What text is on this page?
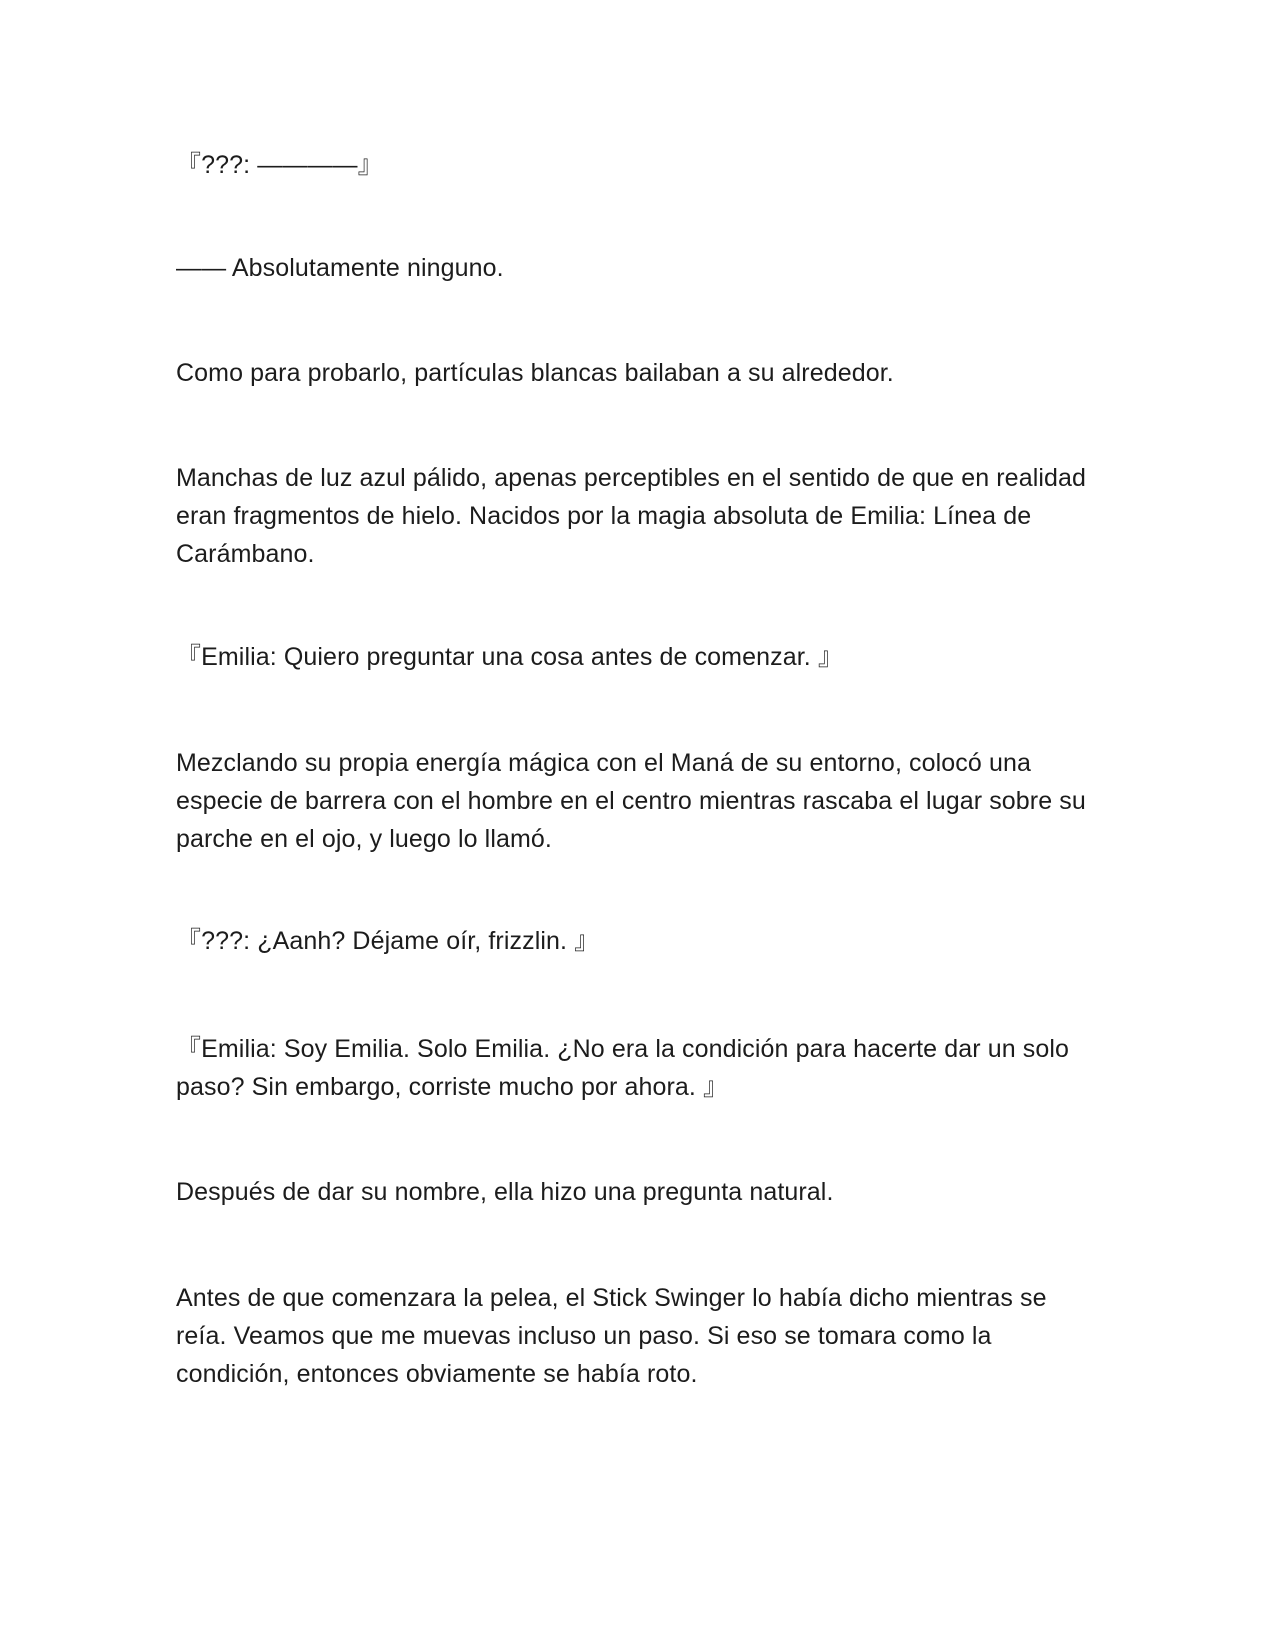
『???: ————』

—— Absolutamente ninguno.

Como para probarlo, partículas blancas bailaban a su alrededor.

Manchas de luz azul pálido, apenas perceptibles en el sentido de que en realidad eran fragmentos de hielo. Nacidos por la magia absoluta de Emilia: Línea de Carámbano.

『Emilia: Quiero preguntar una cosa antes de comenzar. 』

Mezclando su propia energía mágica con el Maná de su entorno, colocó una especie de barrera con el hombre en el centro mientras rascaba el lugar sobre su parche en el ojo, y luego lo llamó.

『???: ¿Aanh? Déjame oír, frizzlin. 』

『Emilia: Soy Emilia. Solo Emilia. ¿No era la condición para hacerte dar un solo paso? Sin embargo, corriste mucho por ahora. 』

Después de dar su nombre, ella hizo una pregunta natural.

Antes de que comenzara la pelea, el Stick Swinger lo había dicho mientras se reía. Veamos que me muevas incluso un paso. Si eso se tomara como la condición, entonces obviamente se había roto.
